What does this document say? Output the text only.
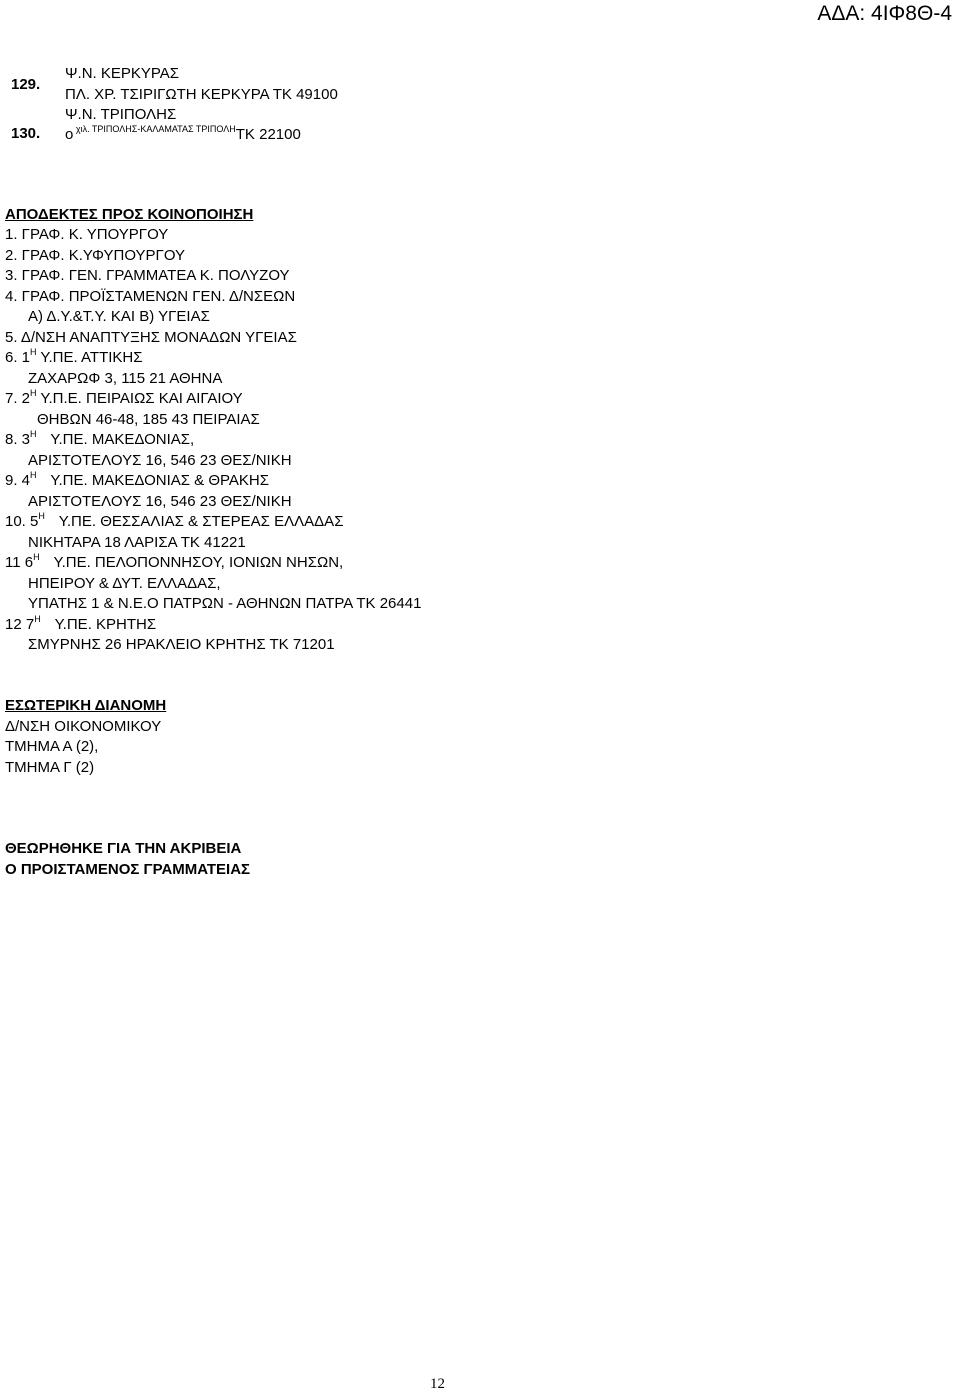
ΑΔΑ: 4ΙΦ8Θ-4
129.
Ψ.Ν. ΚΕΡΚΥΡΑΣ
ΠΛ. ΧΡ. ΤΣΙΡΙΓΩΤΗ ΚΕΡΚΥΡΑ ΤΚ 49100
130.
Ψ.Ν. ΤΡΙΠΟΛΗΣ
ο $^{\chi\iota\lambda. TPI\Pi O\Lambda H\Sigma-KA\Lambda AMATA\Sigma TPI\Pi O\Lambda H}$ΤΚ 22100
ΑΠΟΔΕΚΤΕΣ ΠΡΟΣ ΚΟΙΝΟΠΟΙΗΣΗ
1. ΓΡΑΦ. Κ. ΥΠΟΥΡΓΟΥ
2. ΓΡΑΦ. Κ.ΥΦΥΠΟΥΡΓΟΥ
3. ΓΡΑΦ. ΓΕΝ. ΓΡΑΜΜΑΤΕΑ Κ. ΠΟΛΥΖΟΥ
4. ΓΡΑΦ. ΠΡΟΪΣΤΑΜΕΝΩΝ ΓΕΝ. Δ/ΝΣΕΩΝ
Α) Δ.Υ.&Τ.Υ. ΚΑΙ Β) ΥΓΕΙΑΣ
5. Δ/ΝΣΗ ΑΝΑΠΤΥΞΗΣ ΜΟΝΑΔΩΝ ΥΓΕΙΑΣ
6. $1^H$ Υ.ΠΕ. ΑΤΤΙΚΗΣ
ΖΑΧΑΡΩΦ 3, 115 21 ΑΘΗΝΑ
7. $2^H$ Υ.Π.Ε. ΠΕΙΡΑΙΩΣ ΚΑΙ ΑΙΓΑΙΟΥ
ΘΗΒΩΝ 46-48, 185 43 ΠΕΙΡΑΙΑΣ
8. $3^H$ Υ.ΠΕ. ΜΑΚΕΔΟΝΙΑΣ,
ΑΡΙΣΤΟΤΕΛΟΥΣ 16, 546 23 ΘΕΣ/ΝΙΚΗ
9. $4^H$ Υ.ΠΕ. ΜΑΚΕΔΟΝΙΑΣ & ΘΡΑΚΗΣ
ΑΡΙΣΤΟΤΕΛΟΥΣ 16, 546 23 ΘΕΣ/ΝΙΚΗ
10. $5^H$ Υ.ΠΕ. ΘΕΣΣΑΛΙΑΣ & ΣΤΕΡΕΑΣ ΕΛΛΑΔΑΣ
ΝΙΚΗΤΑΡΑ 18 ΛΑΡΙΣΑ ΤΚ 41221
11 $6^H$ Υ.ΠΕ. ΠΕΛΟΠΟΝΝΗΣΟΥ, ΙΟΝΙΩΝ ΝΗΣΩΝ,
ΗΠΕΙΡΟΥ & ΔΥΤ. ΕΛΛΑΔΑΣ,
ΥΠΑΤΗΣ 1 & Ν.Ε.Ο ΠΑΤΡΩΝ - ΑΘΗΝΩΝ ΠΑΤΡΑ ΤΚ 26441
12 $7^H$ Υ.ΠΕ. ΚΡΗΤΗΣ
ΣΜΥΡΝΗΣ 26 ΗΡΑΚΛΕΙΟ ΚΡΗΤΗΣ ΤΚ 71201
ΕΣΩΤΕΡΙΚΗ ΔΙΑΝΟΜΗ
Δ/ΝΣΗ ΟΙΚΟΝΟΜΙΚΟΥ
ΤΜΗΜΑ Α (2),
ΤΜΗΜΑ Γ (2)
ΘΕΩΡΗΘΗΚΕ ΓΙΑ ΤΗΝ ΑΚΡΙΒΕΙΑ
Ο ΠΡΟΙΣΤΑΜΕΝΟΣ ΓΡΑΜΜΑΤΕΙΑΣ
12
